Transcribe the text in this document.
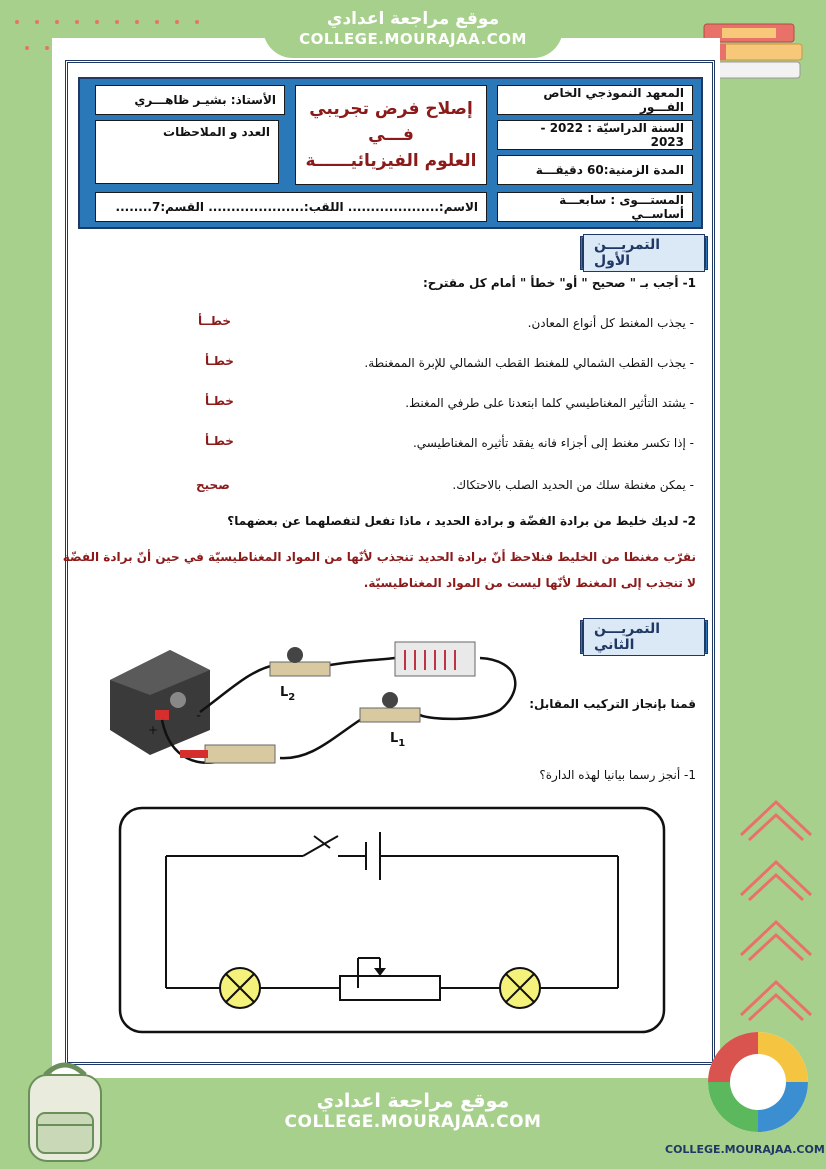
موقع مراجعة اعدادي
COLLEGE.MOURAJAA.COM
المعهد النموذجي الخاص الفـــور
السنة الدراسيّة : 2022 - 2023
المدة الزمنية:60 دقيقـــة
المستـــوى : سابعـــة أساســي
إصلاح فرض تجريبي
فـــي
العلوم الفيزيائيــــــة
الأستاذ: بشيـر ظاهـــري
العدد و الملاحظات
الاسم:.................... اللقب:..................... القسم:7........
التمريـــن الأول
1- أجب بـ " صحيح " أو" خطأ " أمام كل مقترح:
- يجذب المغنط كل أنواع المعادن.
خطــأ
- يجذب القطب الشمالي للمغنط القطب الشمالي للإبرة الممغنطة.
خطـأ
- يشتد التأثير المغناطيسي كلما ابتعدنا على طرفي المغنط.
خطـأ
- إذا تكسر مغنط إلى أجزاء فانه يفقد تأثيره المغناطيسي.
خطـأ
- يمكن مغنطة سلك من الحديد الصلب بالاحتكاك.
صحيح
2- لديك خليط من برادة الفضّة و برادة الحديد ، ماذا تفعل لتفصلهما عن بعضهما؟
نقرّب مغنطا من الخليط فنلاحظ أنّ برادة الحديد تنجذب لأنّها من المواد المغناطيسيّة في حين أنّ برادة الفضّة
لا تنجذب إلى المغنط لأنّها ليست من المواد المغناطيسيّة.
التمريـــن الثاني
قمنا بإنجاز التركيب المقابل:
1- أنجز رسما بيانيا لهذه الدارة؟
+
-
$L_2$
$L_1$
موقع مراجعة اعدادي
COLLEGE.MOURAJAA.COM
COLLEGE.MOURAJAA.COM
